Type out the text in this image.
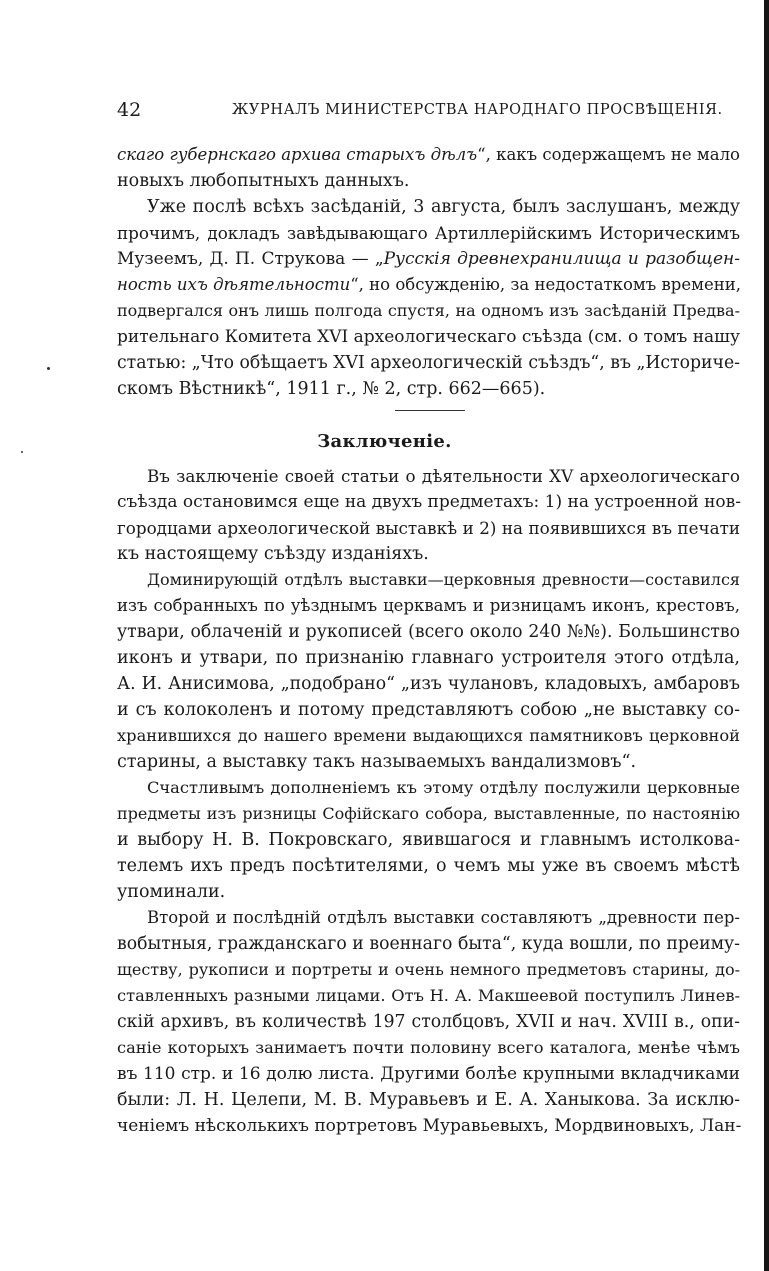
42	ЖУРНАЛЪ МИНИСТЕРСТВА НАРОДНАГО ПРОСВѢЩЕНІЯ.
скаго губернскаго архива старыхъ дѣлъ“, какъ содержащемъ не мало
новыхъ любопытныхъ данныхъ.
Уже послѣ всѣхъ засѣданій, 3 августа, былъ заслушанъ, между
прочимъ, докладъ завѣдывающаго Артиллерійскимъ Историческимъ
Музеемъ, Д. П. Струкова — „Русскія древнехранилища и разобщен-
ность ихъ дѣятельности“, но обсужденію, за недостаткомъ времени,
подвергался онъ лишь полгода спустя, на одномъ изъ засѣданій Предва-
рительнаго Комитета XVI археологическаго съѣзда (см. о томъ нашу
статью: „Что обѣщаетъ XVI археологическій съѣздъ“, въ „Историче-
скомъ Вѣстникѣ“, 1911 г., № 2, стр. 662—665).
Заключеніе.
Въ заключеніе своей статьи о дѣятельности XV археологическаго
съѣзда остановимся еще на двухъ предметахъ: 1) на устроенной нов-
городцами археологической выставкѣ и 2) на появившихся въ печати
къ настоящему съѣзду изданіяхъ.
Доминирующій отдѣлъ выставки—церковныя древности—составился
изъ собранныхъ по уѣзднымъ церквамъ и ризницамъ иконъ, крестовъ,
утвари, облаченій и рукописей (всего около 240 №№). Большинство
иконъ и утвари, по признанію главнаго устроителя этого отдѣла,
А. И. Анисимова, „подобрано“ „изъ чулановъ, кладовыхъ, амбаровъ
и съ колоколенъ и потому представляютъ собою „не выставку со-
хранившихся до нашего времени выдающихся памятниковъ церковной
старины, а выставку такъ называемыхъ вандализмовъ“.
Счастливымъ дополненіемъ къ этому отдѣлу послужили церковные
предметы изъ ризницы Софійскаго собора, выставленные, по настоянію
и выбору Н. В. Покровскаго, явившагося и главнымъ истолкова-
телемъ ихъ предъ посѣтителями, о чемъ мы уже въ своемъ мѣстѣ
упоминали.
Второй и послѣдній отдѣлъ выставки составляютъ „древности пер-
вобытныя, гражданскаго и военнаго быта“, куда вошли, по преиму-
ществу, рукописи и портреты и очень немного предметовъ старины, до-
ставленныхъ разными лицами. Отъ Н. А. Макшеевой поступилъ Линев-
скій архивъ, въ количествѣ 197 столбцовъ, XVII и нач. XVIII в., опи-
саніе которыхъ занимаетъ почти половину всего каталога, менѣе чѣмъ
въ 110 стр. и 16 долю листа. Другими болѣе крупными вкладчиками
были: Л. Н. Целепи, М. В. Муравьевъ и Е. А. Ханыкова. За исклю-
ченіемъ нѣсколькихъ портретовъ Муравьевыхъ, Мордвиновыхъ, Лан-
